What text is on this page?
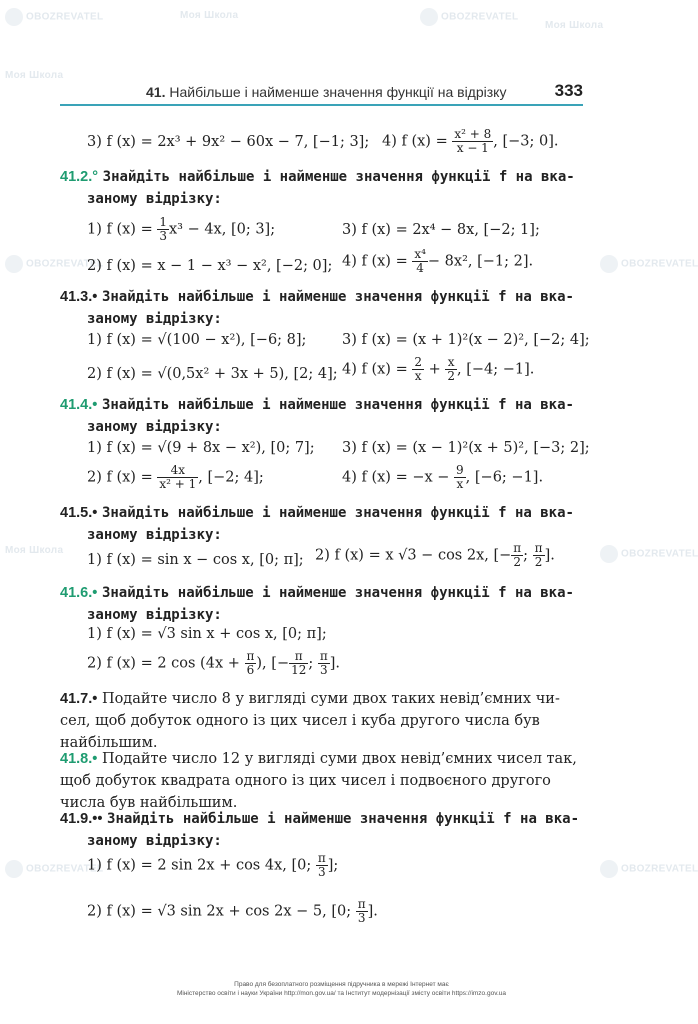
OBOZREVATEL	Моя Школа	OBOZREVATEL
Моя Школа
Моя Школа
OBOZREVATEL	OBOZREVATEL
Моя Школа	OBOZREVATEL
OBOZREVATEL	OBOZREVATEL
41. Найбільше і найменше значення функції на відрізку	333
3) f (x) = 2x³ + 9x² − 60x − 7, [−1; 3]; 4) f $(x) = \frac{\text{x² + 8}}{x - 1}$ , [−3; 0].
41.2.° Знайдіть найбільше і найменше значення функції f на вка-
заному відрізку:
1) f $(x) = \frac{1}{3} x^3 - 4x$, [0; 3];	3) f (x) = 2x⁴ − 8x, [−2; 1];
2) f (x) = x − 1 − x³ − x², [−2; 0]; 4) f $(x) = \frac{\text{x⁴}}{4} - 8x^2$, [−1; 2].
41.3.• Знайдіть найбільше і найменше значення функції f на вка-
заному відрізку:
1) f (x) = √(100 − x²), [−6; 8]; 3) f (x) = (x + 1)²(x − 2)², [−2; 4];
2) f (x) = √(0,5x² + 3x + 5), [2; 4]; 4) f $(x) = \frac{2}{x} + \frac{x}{2}$ , [−4; −1].
41.4.• Знайдіть найбільше і найменше значення функції f на вка-
заному відрізку:
1) f (x) = √(9 + 8x − x²), [0; 7]; 3) f (x) = (x − 1)²(x + 5)², [−3; 2];
2) f $(x) = \frac{4x}{\text{x² + 1}}$ , [−2; 4];	4) f $(x) = -x - \frac{9}{x}$ , [−6; −1].
41.5.• Знайдіть найбільше і найменше значення функції f на вка-
заному відрізку:
1) f (x) = sin x − cos x, [0; π]; 2) f (x) = x √3 − cos 2x, [− $\frac{\pi}{2}$ ; $\frac{\pi}{2}$ ].
41.6.• Знайдіть найбільше і найменше значення функції f на вка-
заному відрізку:
1) f (x) = √3 sin x + cos x, [0; π];
2) f (x) = 2 $\cos (4x + \frac{\pi}{6}$ ), [− $\frac{\pi}{12}$ ; $\frac{\pi}{3}$ ].
41.7.• Подайте число 8 у вигляді суми двох таких невід’ємних чи-
сел, щоб добуток одного із цих чисел і куба другого числа був
найбільшим.
41.8.• Подайте число 12 у вигляді суми двох невід’ємних чисел так,
щоб добуток квадрата одного із цих чисел і подвоєного другого
числа був найбільшим.
41.9.•• Знайдіть найбільше і найменше значення функції f на вка-
заному відрізку:
1) f (x) = 2 sin 2x + cos 4x, [0; $\frac{\pi}{3}$ ];
2) f (x) = √3 sin 2x + cos 2x − 5, [0; $\frac{\pi}{3}$ ].
Право для безоплатного розміщення підручника в мережі Інтернет має
Міністерство освіти і науки України http://mon.gov.ua/ та Інститут модернізації змісту освіти https://imzo.gov.ua
